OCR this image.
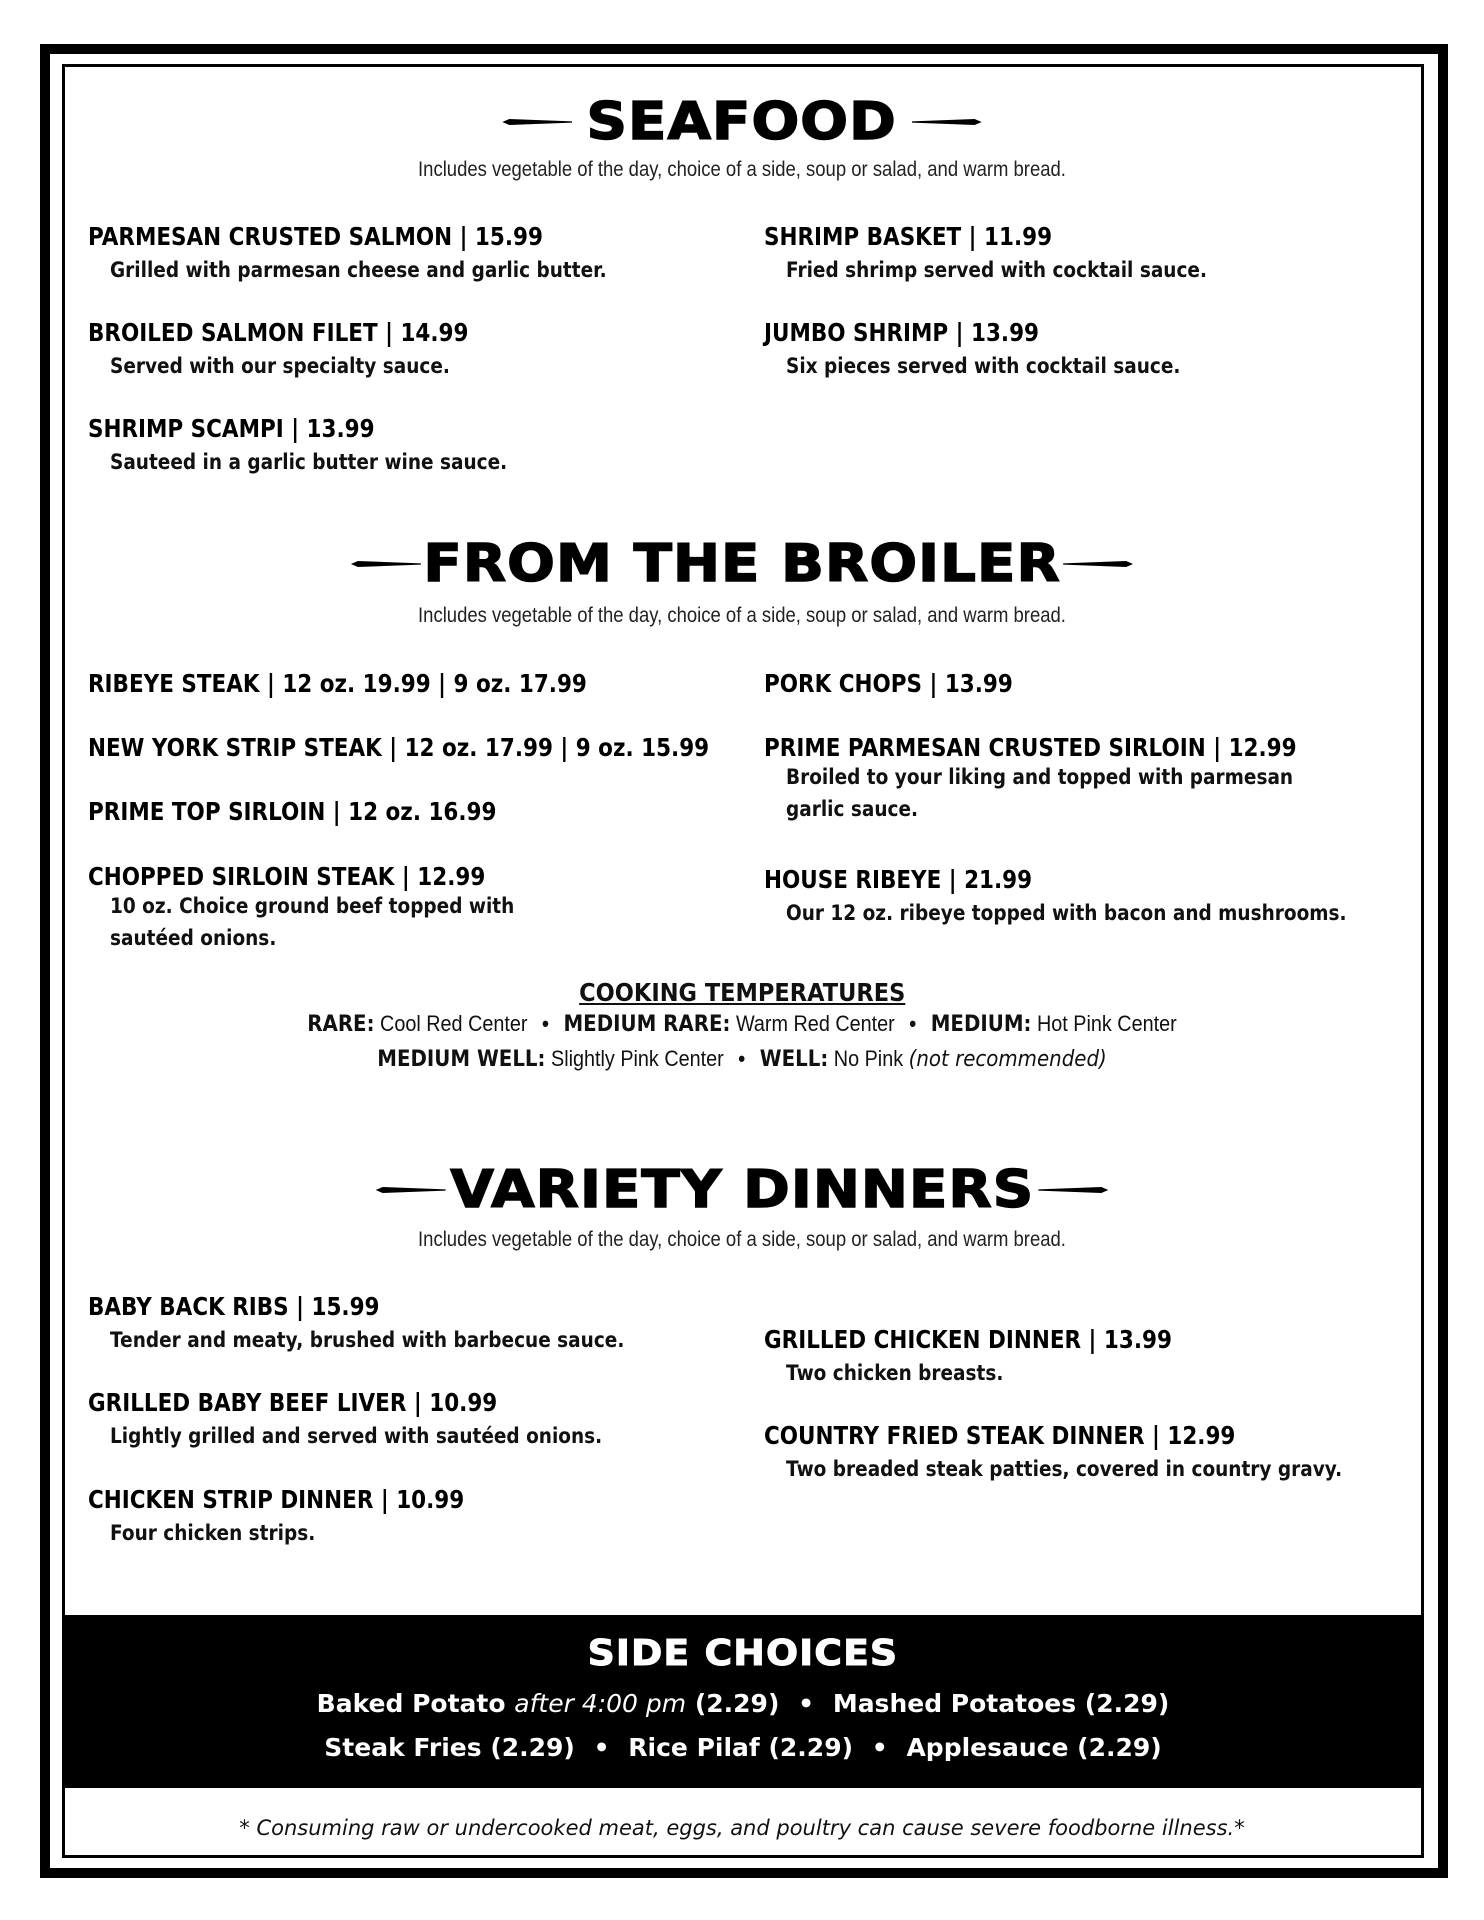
SEAFOOD
Includes vegetable of the day, choice of a side, soup or salad, and warm bread.
PARMESAN CRUSTED SALMON | 15.99
Grilled with parmesan cheese and garlic butter.
BROILED SALMON FILET | 14.99
Served with our specialty sauce.
SHRIMP SCAMPI | 13.99
Sauteed in a garlic butter wine sauce.
SHRIMP BASKET | 11.99
Fried shrimp served with cocktail sauce.
JUMBO SHRIMP | 13.99
Six pieces served with cocktail sauce.
FROM THE BROILER
Includes vegetable of the day, choice of a side, soup or salad, and warm bread.
RIBEYE STEAK | 12 oz. 19.99 | 9 oz. 17.99
NEW YORK STRIP STEAK | 12 oz. 17.99 | 9 oz. 15.99
PRIME TOP SIRLOIN | 12 oz. 16.99
CHOPPED SIRLOIN STEAK | 12.99
10 oz. Choice ground beef topped with
sautéed onions.
PORK CHOPS | 13.99
PRIME PARMESAN CRUSTED SIRLOIN | 12.99
Broiled to your liking and topped with parmesan
garlic sauce.
HOUSE RIBEYE | 21.99
Our 12 oz. ribeye topped with bacon and mushrooms.
COOKING TEMPERATURES
RARE: Cool Red Center • MEDIUM RARE: Warm Red Center • MEDIUM: Hot Pink Center
MEDIUM WELL: Slightly Pink Center • WELL: No Pink (not recommended)
VARIETY DINNERS
Includes vegetable of the day, choice of a side, soup or salad, and warm bread.
BABY BACK RIBS | 15.99
Tender and meaty, brushed with barbecue sauce.
GRILLED BABY BEEF LIVER | 10.99
Lightly grilled and served with sautéed onions.
CHICKEN STRIP DINNER | 10.99
Four chicken strips.
GRILLED CHICKEN DINNER | 13.99
Two chicken breasts.
COUNTRY FRIED STEAK DINNER | 12.99
Two breaded steak patties, covered in country gravy.
SIDE CHOICES
Baked Potato after 4:00 pm (2.29) • Mashed Potatoes (2.29)
Steak Fries (2.29) • Rice Pilaf (2.29) • Applesauce (2.29)
* Consuming raw or undercooked meat, eggs, and poultry can cause severe foodborne illness.*
